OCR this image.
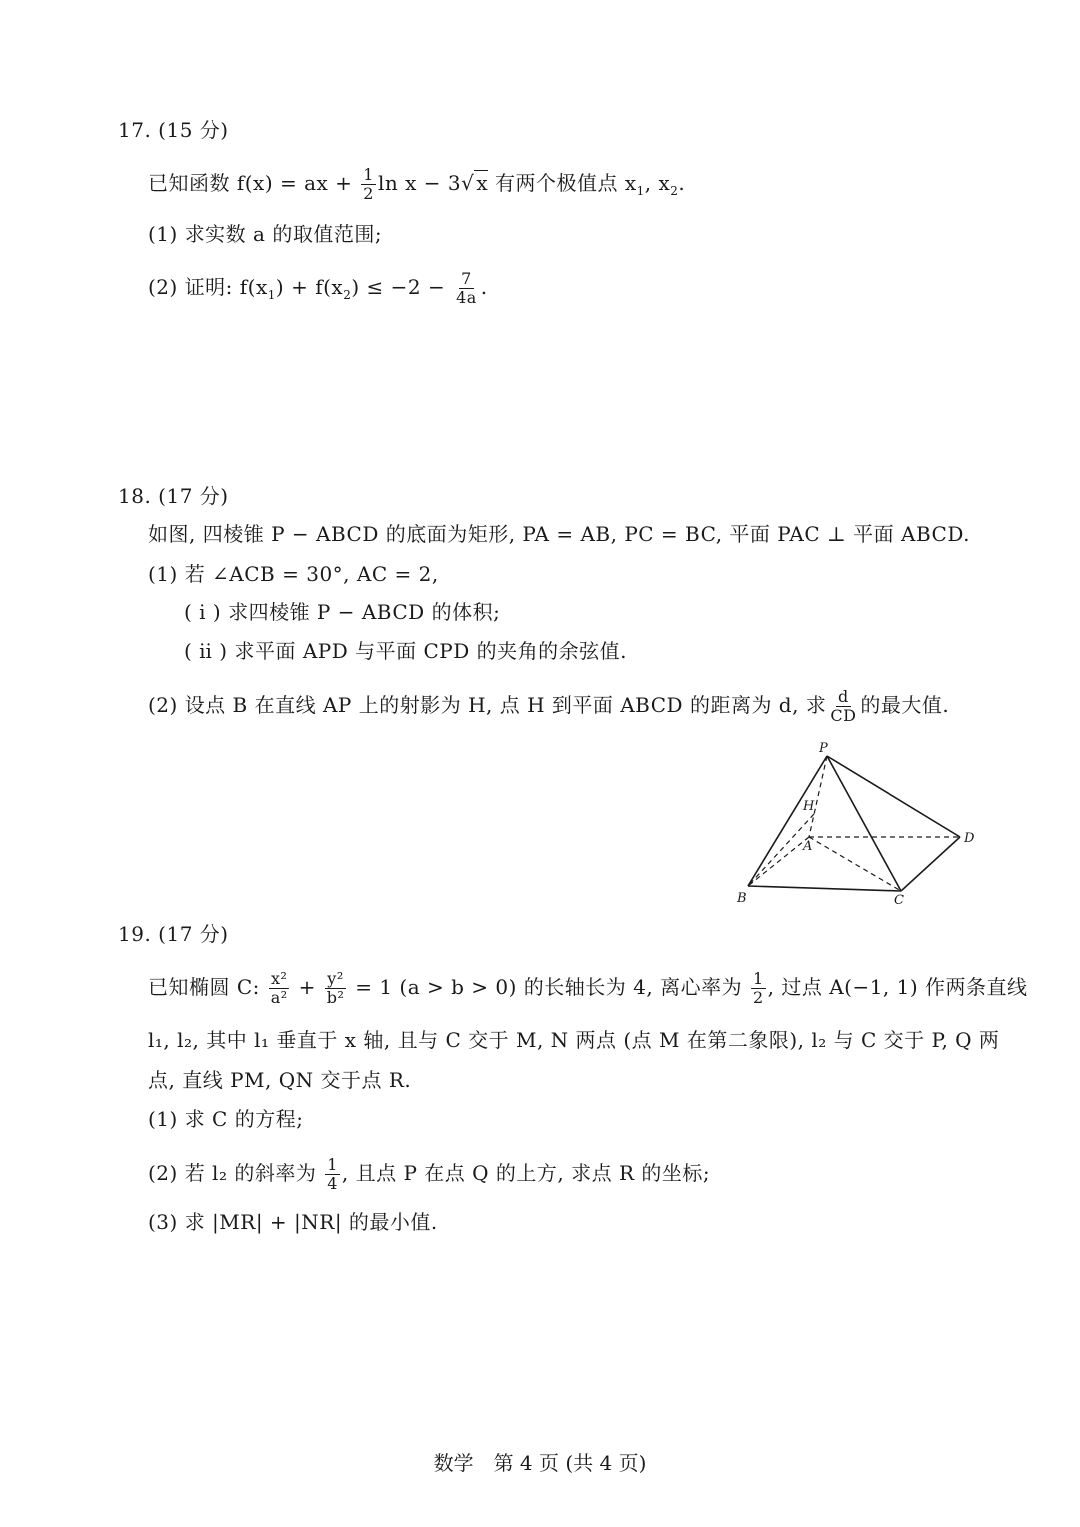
17. (15 分)
已知函数 f(x) = ax + $\frac{1}{2}$ ln x − 3√ x 有两个极值点 $x_1$, $x_2$.
(1) 求实数 a 的取值范围;
(2) 证明: $f(x_1) + f(x_2) \le -2 - \frac{7}{4a}$ .
18. (17 分)
如图, 四棱锥 P − ABCD 的底面为矩形, PA = AB, PC = BC, 平面 PAC ⊥ 平面 ABCD.
(1) 若 ∠ACB = 30°, AC = 2,
( ⅰ ) 求四棱锥 P − ABCD 的体积;
( ⅱ ) 求平面 APD 与平面 CPD 的夹角的余弦值.
(2) 设点 B 在直线 AP 上的射影为 H, 点 H 到平面 ABCD 的距离为 d, 求 $\frac{d}{CD}$ 的最大值.
P
H
A
D
B	C
19. (17 分)
已知椭圆 C: $\frac{\text{x²}}{\text{a²}} + \frac{\text{y²}}{\text{b²}} = 1$ (a > b > 0) 的长轴长为 4, 离心率为 $\frac{1}{2}$ , 过点 A(−1, 1) 作两条直线
l₁, l₂, 其中 l₁ 垂直于 x 轴, 且与 C 交于 M, N 两点 (点 M 在第二象限), l₂ 与 C 交于 P, Q 两
点, 直线 PM, QN 交于点 R.
(1) 求 C 的方程;
(2) 若 l₂ 的斜率为 $\frac{1}{4}$ , 且点 P 在点 Q 的上方, 求点 R 的坐标;
(3) 求 |MR| + |NR| 的最小值.
数学　第 4 页 (共 4 页)
